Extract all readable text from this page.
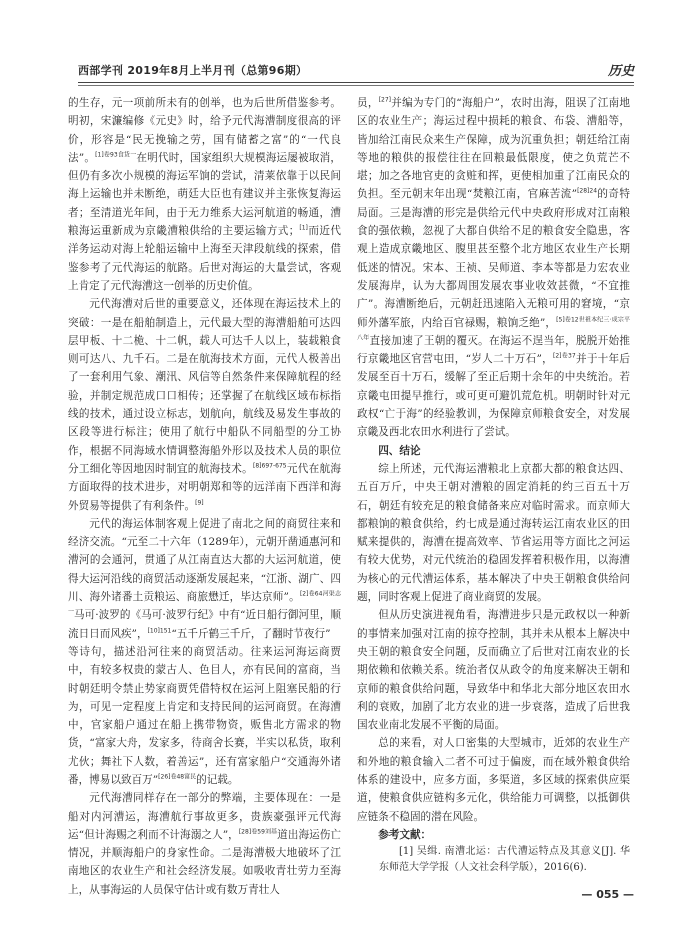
西部学刊 2019年8月上半月刊（总第96期）	历史

的生存，元一项前所未有的创举，也为后世所借鉴参考。明初，宋濂编修《元史》时，给予元代海漕制度很高的评价，形容是“民无挽输之劳，国有储蓄之富”的“一代良法”。$^{[1]卷93食货一}$在明代时，国家组织大规模海运屡被取消，但仍有多次小规模的海运军饷的尝试，清莱依靠于以民间海上运输也并未断绝，萌廷大臣也有建议并主张恢复海运者；至清道光年间，由于无力维系大运河航道的畅通，漕粮海运重新成为京畿漕粮供给的主要运输方式；[1]而近代洋务运动对海上轮船运输中上海至天津段航线的探索，借鉴参考了元代海运的航路。后世对海运的大量尝试，客观上肯定了元代海漕这一创举的历史价值。

元代海漕对后世的重要意义，还体现在海运技术上的突破：一是在船舶制造上，元代最大型的海漕船舶可达四层甲板、十二桅、十二帆，载人可达千人以上，装载粮食则可达八、九千石。二是在航海技术方面，元代人极善出了一套利用气象、潮汛、风信等自然条件来保障航程的经验，并制定规范成口口相传；还掌握了在航线区域布标指线的技术，通过设立标志，划航向，航线及易发生事故的区段等进行标注；使用了航行中船队不同船型的分工协作，根据不同海域水情调整海船外形以及技术人员的职位分工细化等因地因时制宜的航海技术。$^{[8]697-675}$元代在航海方面取得的技术进步，对明朝郑和等的远洋南下西洋和海外贸易等提供了有利条件。[9]

元代的海运体制客观上促进了南北之间的商贸往来和经济交流。“元至二十六年（1289年），元朝开凿通惠河和漕河的会通河，贯通了从江南直达大都的大运河航道，使得大运河沿线的商贸活动逐渐发展起来，“江浙、湖广、四川、海外诸番土贡粮运、商旅懋迁，毕达京师”。$^{[2]卷64河渠志一}$马可·波罗的《马可·波罗行纪》中有“近日船行御河里，顺流日日而风疾”，$^{[10]151}$“五千斤鹤三千斤，了翻时节夜行”

等诗句，描述沿河往来的商贸活动。往来运河海运商贾中，有较多权贵的蒙古人、色目人，亦有民间的富商，当时朝廷明令禁止势家商贾凭借特权在运河上阻塞民船的行为，可见一定程度上肯定和支持民间的运河商贸。在海漕中，官家船户通过在船上携带物资，贩售北方需求的物货，“富家大舟，发家多，待商舍长赛，半实以私货，取利尤伙；舞社下人数，着善运”，还有富家船户“交通海外诸番，博易以致百万”$^{[26]卷48富民}$的记载。

元代海漕同样存在一部分的弊端，主要体现在：一是船对内河漕运，海漕航行事故更多，贵族豪强评元代海运“但计海赐之利而不计海溺之人”，$^{[28]卷59刘基}$道出海运伤亡情况，并顺海船户的身家性命。二是海漕极大地破坏了江南地区的农业生产和社会经济发展。如吸收青壮劳力至海上，从事海运的人员保守估计或有数万青壮人

员，[27]并编为专门的“海船户”，农时出海，阻误了江南地区的农业生产；海运过程中损耗的粮食、布袋、漕船等，皆加给江南民众来生产保障，成为沉重负担；朝廷给江南等地的粮供的报偿往往在回粮最低限度，使之负荒芒不堪；加之各地官吏的贪赃和挥，更使相加重了江南民众的负担。至元朝末年出现“焚粮江南，官麻苦流”$^{[28]24}$的奇特局面。三是海漕的形完是供给元代中央政府形成对江南粮食的强依赖，忽视了大都自供给不足的粮食安全隐患，客观上造成京畿地区、腹里甚至整个北方地区农业生产长期低迷的情况。宋本、王祯、吴师道、李本等都是力宏农业发展海岸，认为大都周围发展农事业收效甚微，“不宜推广”。海漕断绝后，元朝赶迅速陷入无粮可用的窘境，“京师外藩军旅，内给百官禄赐，粮饷乏绝”，$^{[5]卷12世祖本纪三\cdot 成宗平八年}$直接加速了王朝的覆灭。在海运不逞当年，脱脱开始推行京畿地区官营屯田，“岁人二十万石”，$^{[2]卷37}$并于十年后发展至百十万石，缓解了至正后期十余年的中央统治。若京畿屯田提早推行，或可更可避饥荒危机。明朝时针对元政权“亡于海”的经验教训，为保障京师粮食安全，对发展京畿及西北农田水利进行了尝试。

四、结论

综上所述，元代海运漕粮北上京都大都的粮食达四、五百万斤，中央王朝对漕粮的固定消耗的约三百五十万石，朝廷有较充足的粮食储备来应对临时需求。而京师大都粮饷的粮食供给，约七成是通过海转运江南农业区的田赋来提供的，海漕在提高效率、节省运用等方面比之河运有较大优势，对元代统治的稳固发挥着积极作用，以海漕为核心的元代漕运体系，基本解决了中央王朝粮食供给问题，同时客观上促进了商业商贸的发展。

但从历史演进视角看，海漕进步只是元政权以一种新的事情来加强对江南的掠夺控制，其并未从根本上解决中央王朝的粮食安全问题，反而确立了后世对江南农业的长期依赖和依赖关系。统治者仅从政令的角度来解决王朝和京师的粮食供给问题，导致华中和华北大部分地区农田水利的衰败，加剧了北方农业的进一步衰落，造成了后世我国农业南北发展不平衡的局面。

总的来看，对人口密集的大型城市，近郊的农业生产和外地的粮食输入二者不可过于偏废，而在域外粮食供给体系的建设中，应多方面，多渠道，多区域的探索供应渠道，使粮食供应链构多元化，供给能力可调整，以抵御供应链条不稳固的潜在风险。

参考文献：

[1] 吴缉. 南漕北运：古代漕运特点及其意义[J]. 华东师范大学学报（人文社会科学版），2016(6).

— 055 —
